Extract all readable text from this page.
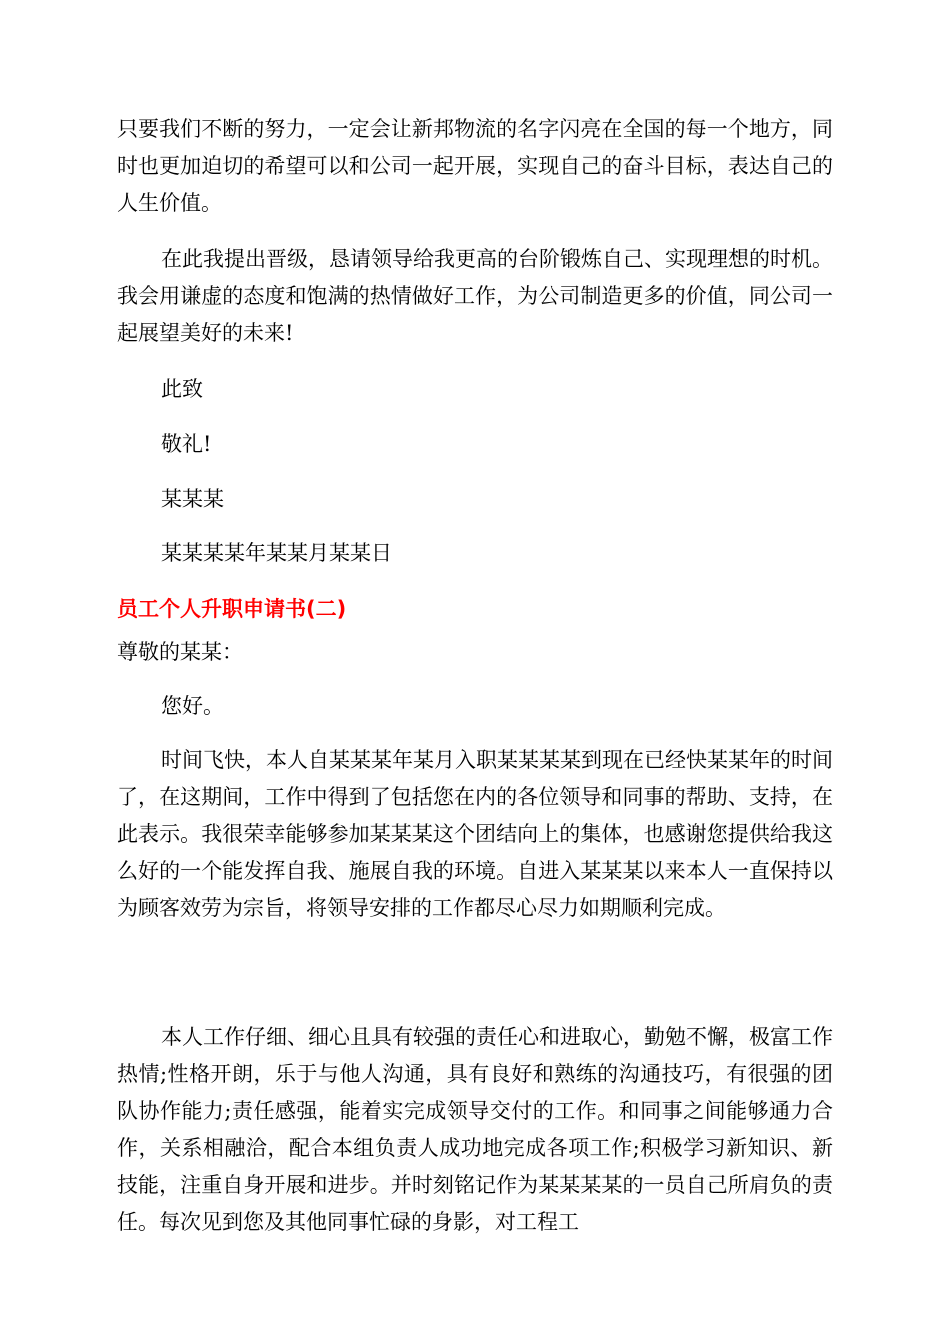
只要我们不断的努力，一定会让新邦物流的名字闪亮在全国的每一个地方，同时也更加迫切的希望可以和公司一起开展，实现自己的奋斗目标，表达自己的人生价值。

在此我提出晋级，恳请领导给我更高的台阶锻炼自己、实现理想的时机。我会用谦虚的态度和饱满的热情做好工作，为公司制造更多的价值，同公司一起展望美好的未来!

此致

敬礼!

某某某

某某某某年某某月某某日

员工个人升职申请书(二)

尊敬的某某：

您好。

时间飞快，本人自某某某年某月入职某某某某到现在已经快某某年的时间了，在这期间，工作中得到了包括您在内的各位领导和同事的帮助、支持，在此表示。我很荣幸能够参加某某某这个团结向上的集体，也感谢您提供给我这么好的一个能发挥自我、施展自我的环境。自进入某某某以来本人一直保持以为顾客效劳为宗旨，将领导安排的工作都尽心尽力如期顺利完成。

本人工作仔细、细心且具有较强的责任心和进取心，勤勉不懈，极富工作热情;性格开朗，乐于与他人沟通，具有良好和熟练的沟通技巧，有很强的团队协作能力;责任感强，能着实完成领导交付的工作。和同事之间能够通力合作，关系相融洽，配合本组负责人成功地完成各项工作;积极学习新知识、新技能，注重自身开展和进步。并时刻铭记作为某某某某的一员自己所肩负的责任。每次见到您及其他同事忙碌的身影，对工程工
